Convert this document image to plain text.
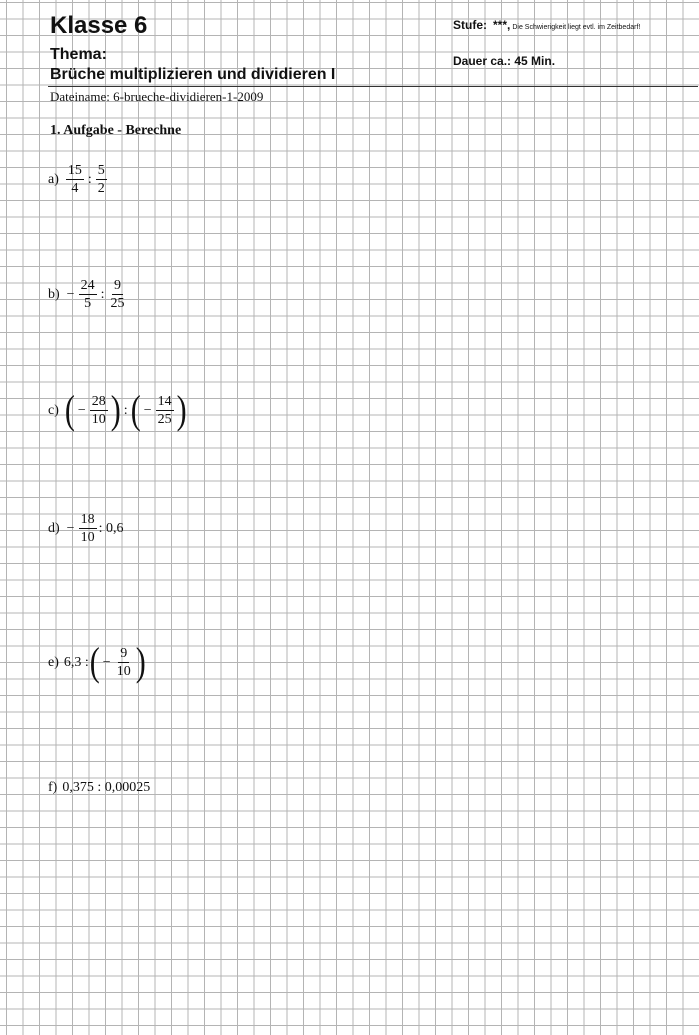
Klasse 6
Thema:
Brüche multiplizieren und dividieren I
Dateiname: 6-brueche-dividieren-1-2009
Stufe: ***, Die Schwierigkeit liegt evtl. im Zeitbedarf!
Dauer ca.: 45 Min.
1. Aufgabe - Berechne
$a) \frac{15}{4}$ : $\frac{5}{2}$
$b) - \frac{24}{5}$ : $\frac{9}{25}$
c) ( − $\frac{28}{10}$ ) : ( − $\frac{14}{25}$ )
$d) - \frac{18}{10}$ : 0,6
e) 6,3 : ( − $\frac{9}{10}$ )
f) 0,375 : 0,00025
